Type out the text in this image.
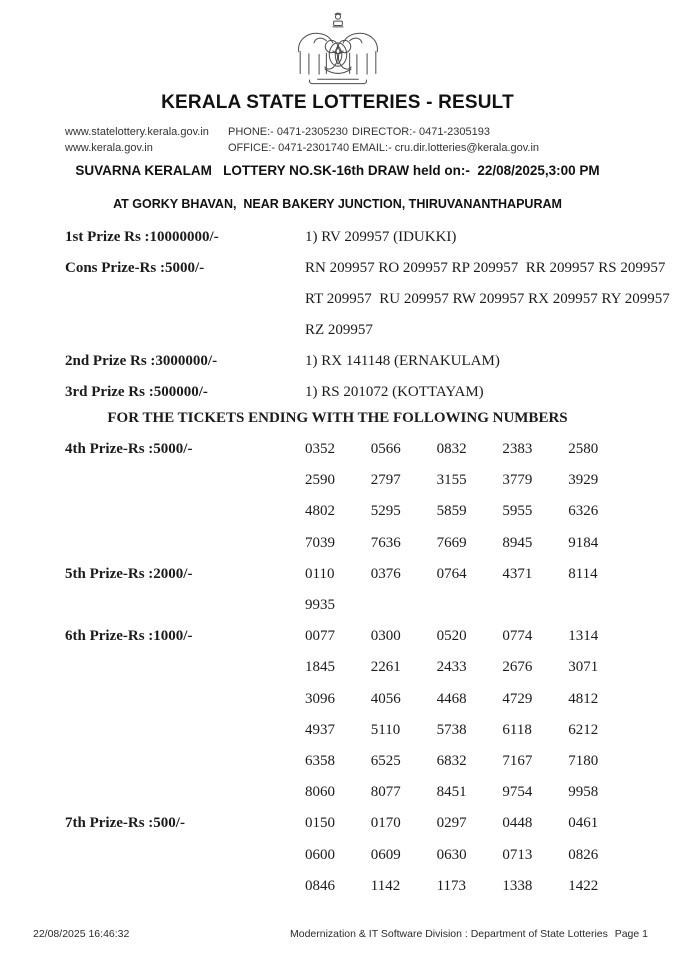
KERALA STATE LOTTERIES - RESULT
www.statelottery.kerala.gov.in	PHONE:- 0471-2305230 DIRECTOR:- 0471-2305193
www.kerala.gov.in	OFFICE:- 0471-2301740 EMAIL:- cru.dir.lotteries@kerala.gov.in
SUVARNA KERALAM   LOTTERY NO.SK-16th DRAW held on:-  22/08/2025,3:00 PM
AT GORKY BHAVAN,  NEAR BAKERY JUNCTION, THIRUVANANTHAPURAM
1st Prize Rs :10000000/-	1) RV 209957 (IDUKKI)
Cons Prize-Rs :5000/-	RN 209957 RO 209957 RP 209957  RR 209957 RS 209957
RT 209957  RU 209957 RW 209957 RX 209957 RY 209957
RZ 209957
2nd Prize Rs :3000000/-	1) RX 141148 (ERNAKULAM)
3rd Prize Rs :500000/-	1) RS 201072 (KOTTAYAM)
FOR THE TICKETS ENDING WITH THE FOLLOWING NUMBERS
4th Prize-Rs :5000/-	0352	0566	0832	2383	2580
2590	2797	3155	3779	3929
4802	5295	5859	5955	6326
7039	7636	7669	8945	9184
5th Prize-Rs :2000/-	0110	0376	0764	4371	8114
9935
6th Prize-Rs :1000/-	0077	0300	0520	0774	1314
1845	2261	2433	2676	3071
3096	4056	4468	4729	4812
4937	5110	5738	6118	6212
6358	6525	6832	7167	7180
8060	8077	8451	9754	9958
7th Prize-Rs :500/-	0150	0170	0297	0448	0461
0600	0609	0630	0713	0826
0846	1142	1173	1338	1422
22/08/2025 16:46:32	Modernization & IT Software Division : Department of State Lotteries Page 1
